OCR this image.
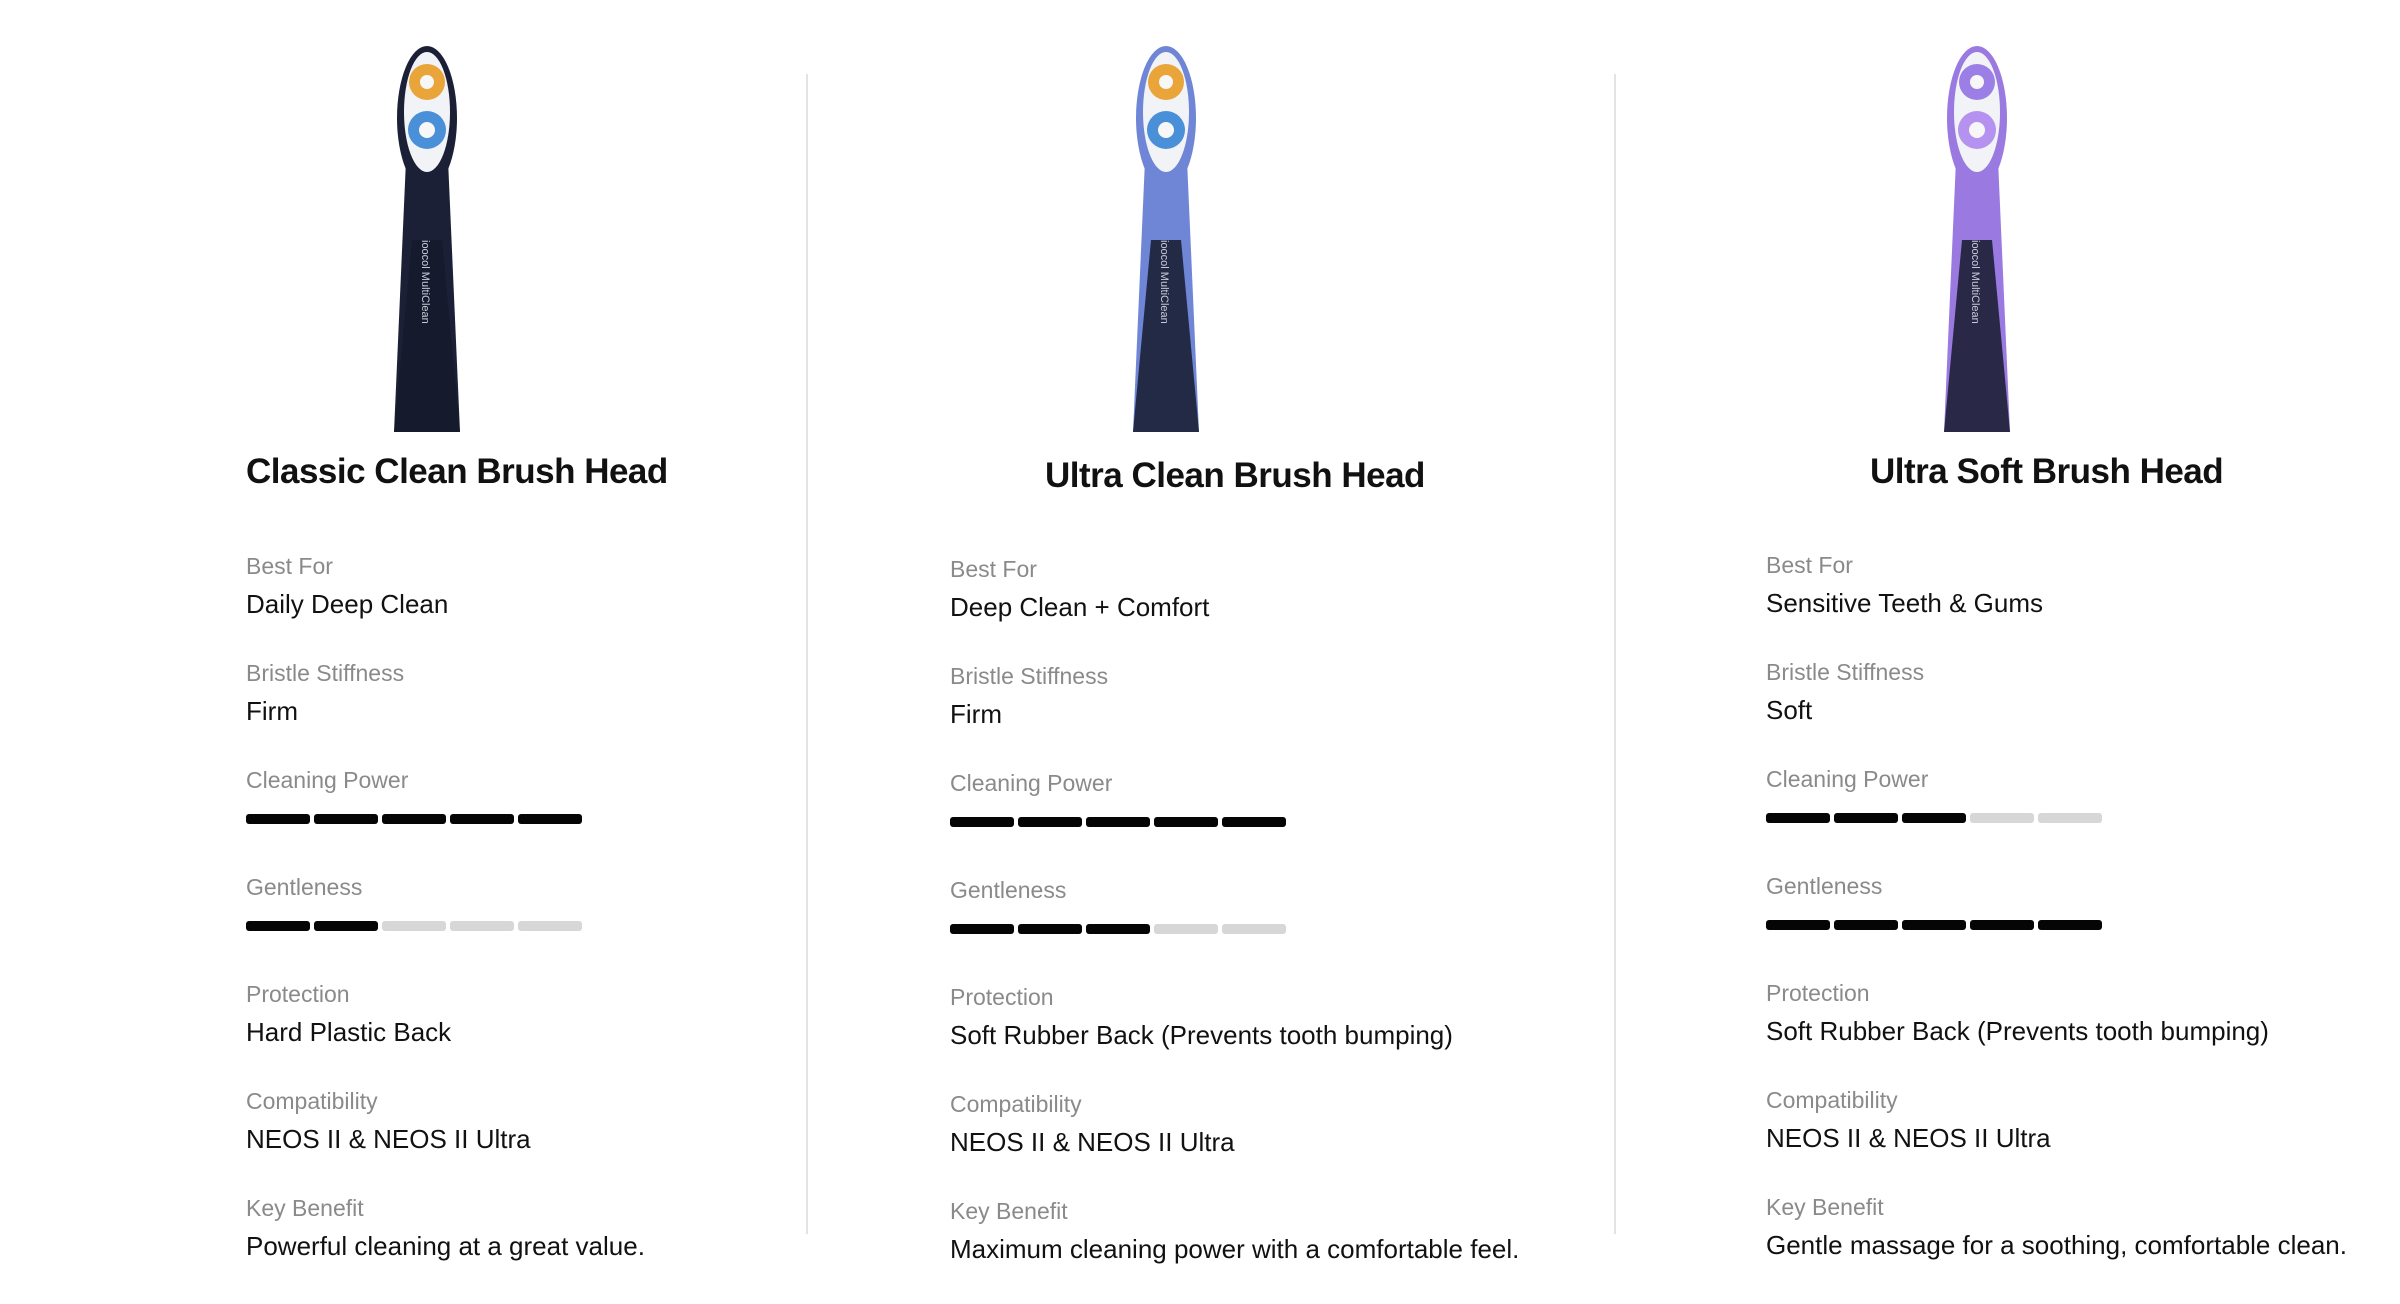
ioocol MultiClean
Classic Clean Brush Head
Best For
Daily Deep Clean
Bristle Stiffness
Firm
Cleaning Power
Gentleness
Protection
Hard Plastic Back
Compatibility
NEOS II & NEOS II Ultra
Key Benefit
Powerful cleaning at a great value.
ioocol MultiClean
Ultra Clean Brush Head
Best For
Deep Clean + Comfort
Bristle Stiffness
Firm
Cleaning Power
Gentleness
Protection
Soft Rubber Back (Prevents tooth bumping)
Compatibility
NEOS II & NEOS II Ultra
Key Benefit
Maximum cleaning power with a comfortable feel.
ioocol MultiClean
Ultra Soft Brush Head
Best For
Sensitive Teeth & Gums
Bristle Stiffness
Soft
Cleaning Power
Gentleness
Protection
Soft Rubber Back (Prevents tooth bumping)
Compatibility
NEOS II & NEOS II Ultra
Key Benefit
Gentle massage for a soothing, comfortable clean.
